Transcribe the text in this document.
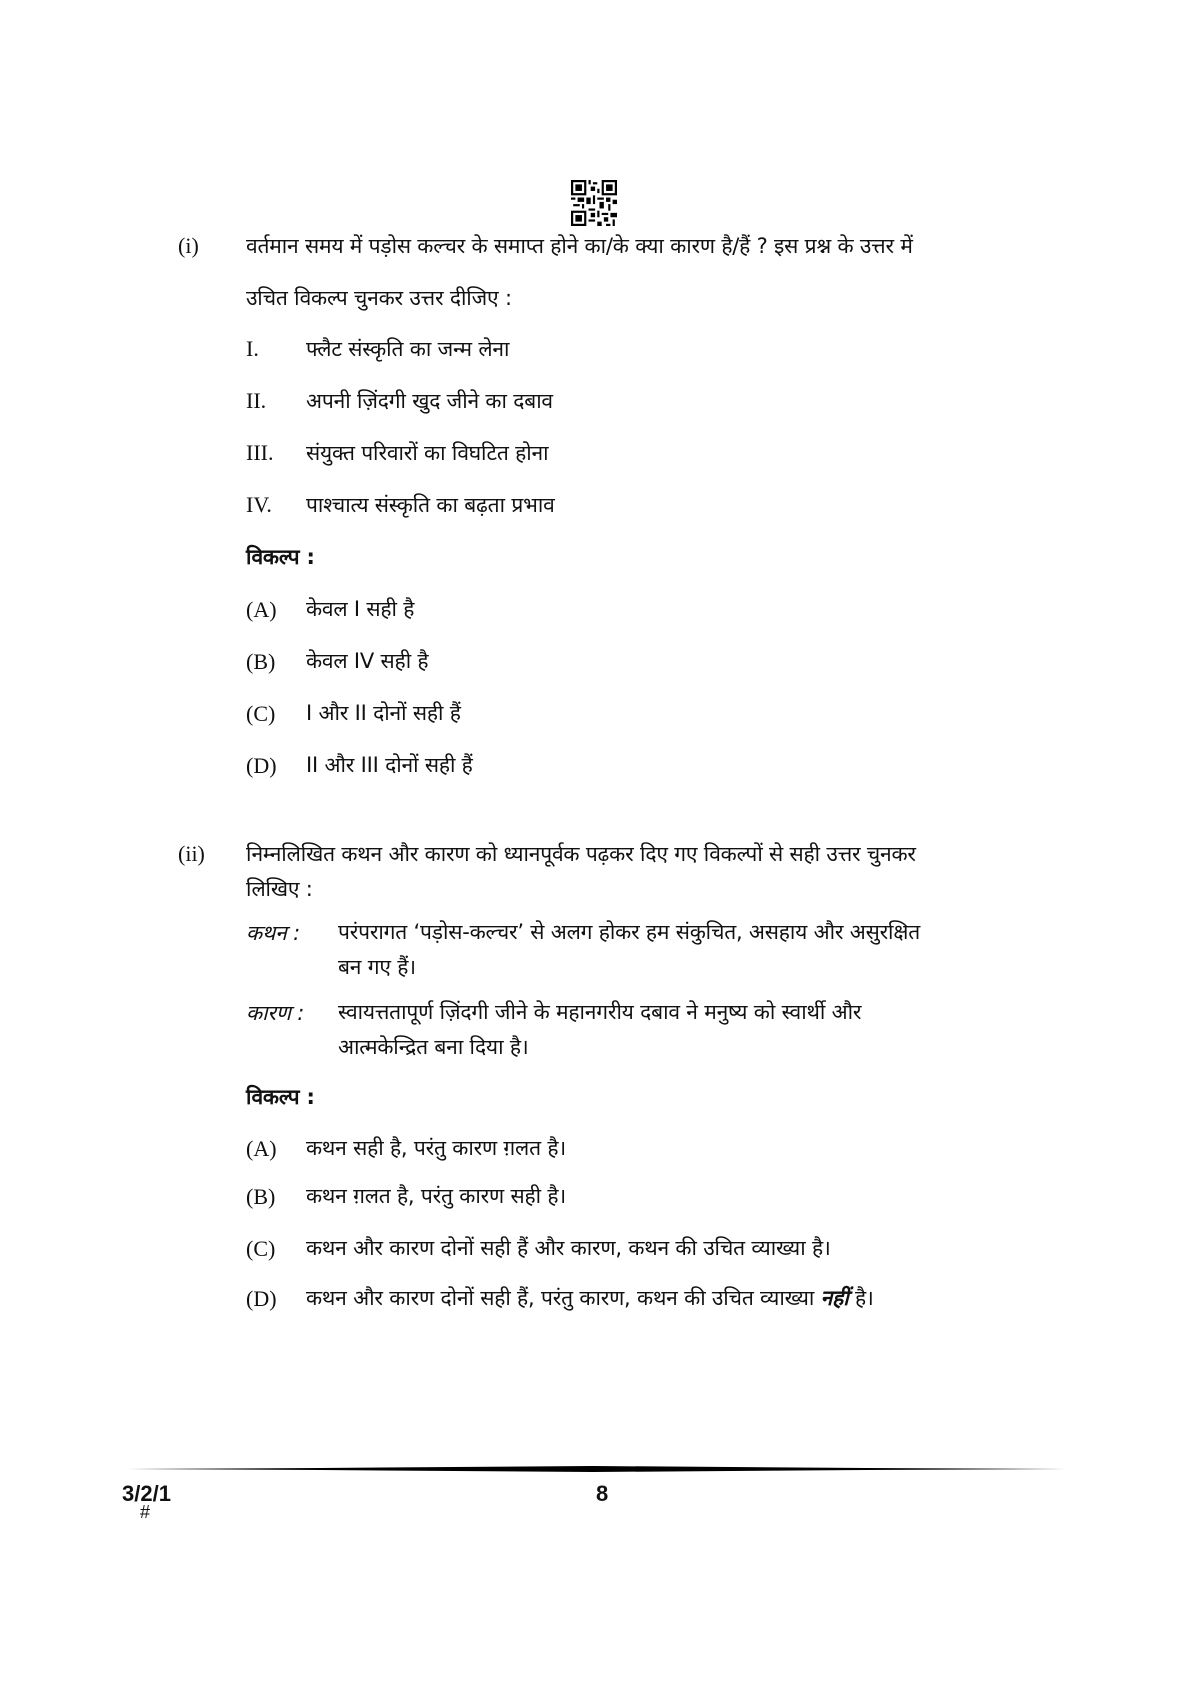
(i) वर्तमान समय में पड़ोस कल्चर के समाप्त होने का/के क्या कारण है/हैं ? इस प्रश्न के उत्तर में
उचित विकल्प चुनकर उत्तर दीजिए :
I. फ्लैट संस्कृति का जन्म लेना
II. अपनी ज़िंदगी खुद जीने का दबाव
III. संयुक्त परिवारों का विघटित होना
IV. पाश्चात्य संस्कृति का बढ़ता प्रभाव
विकल्प :
(A) केवल I सही है
(B) केवल IV सही है
(C) I और II दोनों सही हैं
(D) II और III दोनों सही हैं
(ii) निम्नलिखित कथन और कारण को ध्यानपूर्वक पढ़कर दिए गए विकल्पों से सही उत्तर चुनकर
लिखिए :
कथन : परंपरागत ‘पड़ोस-कल्चर’ से अलग होकर हम संकुचित, असहाय और असुरक्षित
बन गए हैं।
कारण : स्वायत्ततापूर्ण ज़िंदगी जीने के महानगरीय दबाव ने मनुष्य को स्वार्थी और
आत्मकेन्द्रित बना दिया है।
विकल्प :
(A) कथन सही है, परंतु कारण ग़लत है।
(B) कथन ग़लत है, परंतु कारण सही है।
(C) कथन और कारण दोनों सही हैं और कारण, कथन की उचित व्याख्या है।
(D) कथन और कारण दोनों सही हैं, परंतु कारण, कथन की उचित व्याख्या नहीं है।
3/2/1
#
8
